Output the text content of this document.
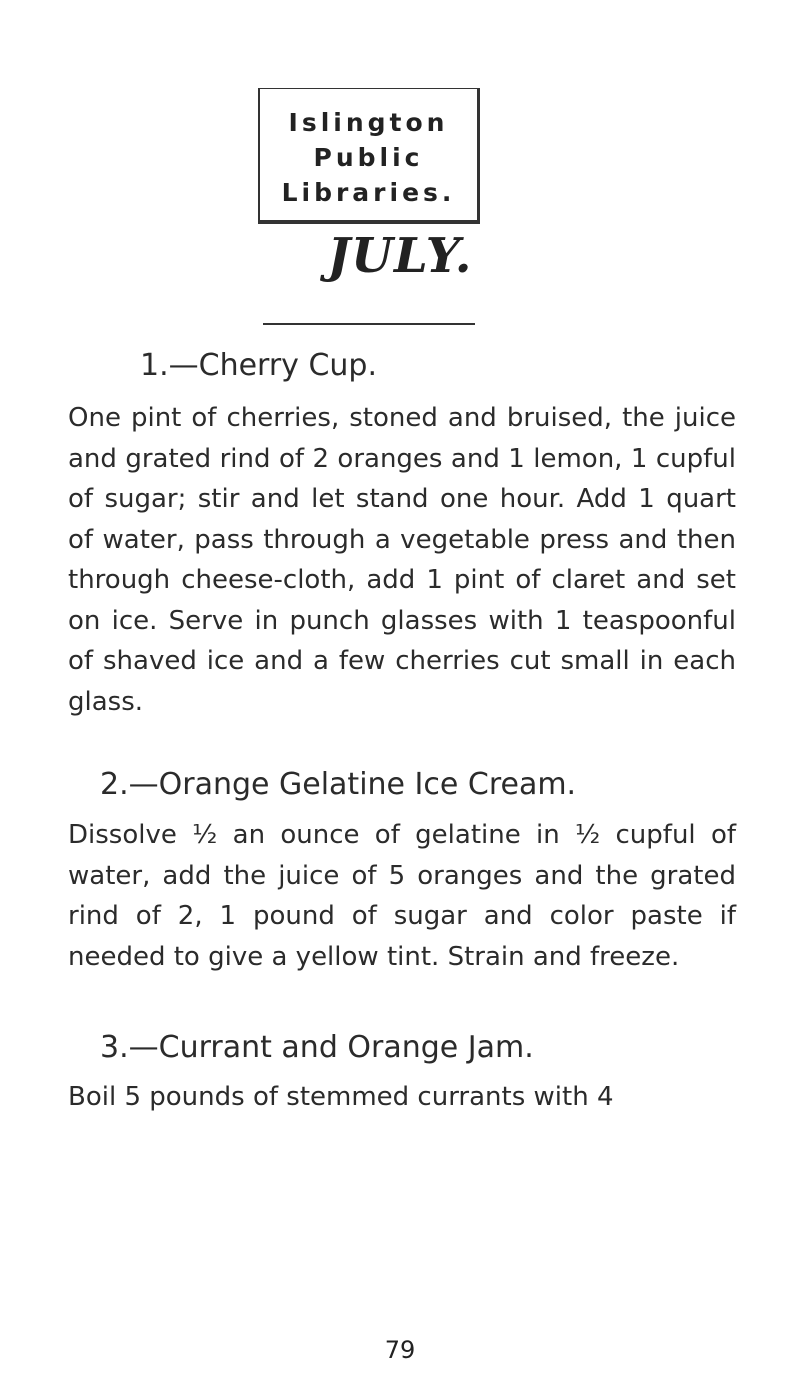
Islington
Public
Libraries.
JULY.
1.—Cherry Cup.
One pint of cherries, stoned and bruised, the juice and grated rind of 2 oranges and 1 lemon, 1 cupful of sugar; stir and let stand one hour. Add 1 quart of water, pass through a vegetable press and then through cheese-cloth, add 1 pint of claret and set on ice. Serve in punch glasses with 1 teaspoonful of shaved ice and a few cherries cut small in each glass.
2.—Orange Gelatine Ice Cream.
Dissolve ½ an ounce of gelatine in ½ cupful of water, add the juice of 5 oranges and the grated rind of 2, 1 pound of sugar and color paste if needed to give a yellow tint. Strain and freeze.
3.—Currant and Orange Jam.
Boil 5 pounds of stemmed currants with 4
79
